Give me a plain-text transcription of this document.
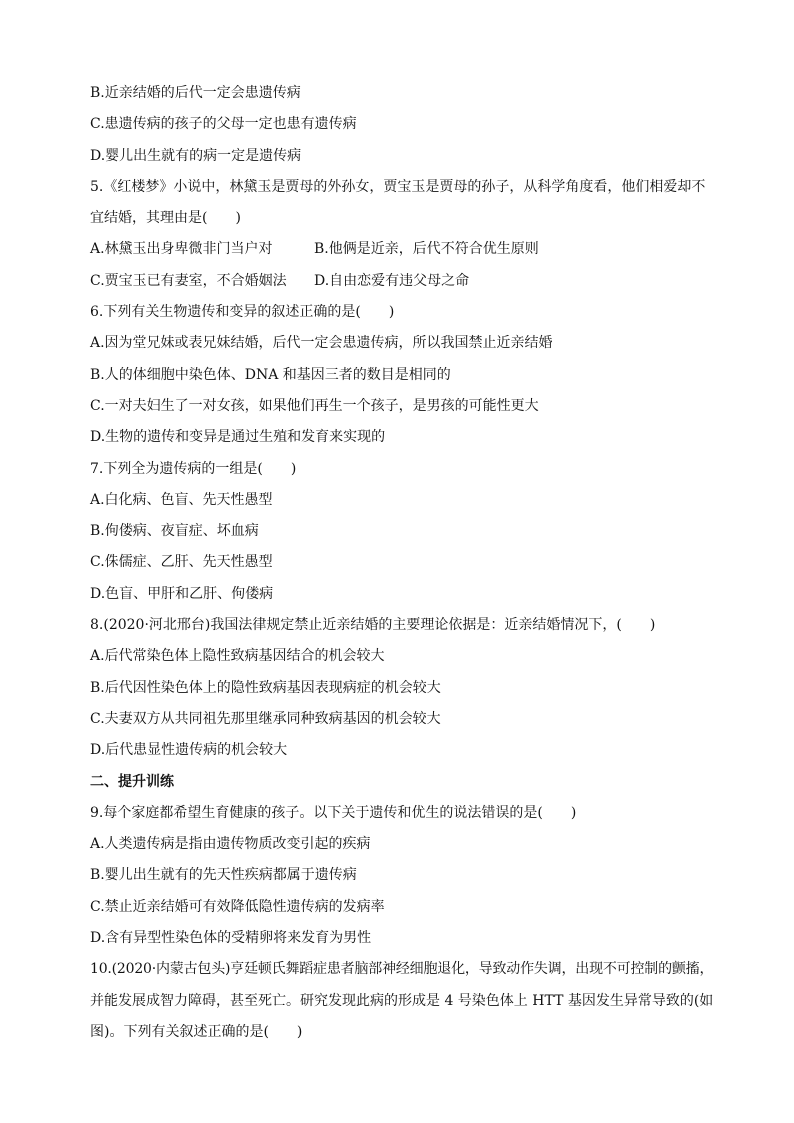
B.近亲结婚的后代一定会患遗传病
C.患遗传病的孩子的父母一定也患有遗传病
D.婴儿出生就有的病一定是遗传病
5.《红楼梦》小说中，林黛玉是贾母的外孙女，贾宝玉是贾母的孙子，从科学角度看，他们相爱却不
宜结婚，其理由是(　　)
A.林黛玉出身卑微非门当户对	B.他俩是近亲，后代不符合优生原则
C.贾宝玉已有妻室，不合婚姻法	D.自由恋爱有违父母之命
6.下列有关生物遗传和变异的叙述正确的是(　　)
A.因为堂兄妹或表兄妹结婚，后代一定会患遗传病，所以我国禁止近亲结婚
B.人的体细胞中染色体、DNA 和基因三者的数目是相同的
C.一对夫妇生了一对女孩，如果他们再生一个孩子，是男孩的可能性更大
D.生物的遗传和变异是通过生殖和发育来实现的
7.下列全为遗传病的一组是(　　)
A.白化病、色盲、先天性愚型
B.佝偻病、夜盲症、坏血病
C.侏儒症、乙肝、先天性愚型
D.色盲、甲肝和乙肝、佝偻病
8.(2020·河北邢台)我国法律规定禁止近亲结婚的主要理论依据是：近亲结婚情况下，(　　)
A.后代常染色体上隐性致病基因结合的机会较大
B.后代因性染色体上的隐性致病基因表现病症的机会较大
C.夫妻双方从共同祖先那里继承同种致病基因的机会较大
D.后代患显性遗传病的机会较大
二、提升训练
9.每个家庭都希望生育健康的孩子。以下关于遗传和优生的说法错误的是(　　)
A.人类遗传病是指由遗传物质改变引起的疾病
B.婴儿出生就有的先天性疾病都属于遗传病
C.禁止近亲结婚可有效降低隐性遗传病的发病率
D.含有异型性染色体的受精卵将来发育为男性
10.(2020·内蒙古包头)亨廷顿氏舞蹈症患者脑部神经细胞退化，导致动作失调，出现不可控制的颤搐，
并能发展成智力障碍，甚至死亡。研究发现此病的形成是 4 号染色体上 HTT 基因发生异常导致的(如
图)。下列有关叙述正确的是(　　)
